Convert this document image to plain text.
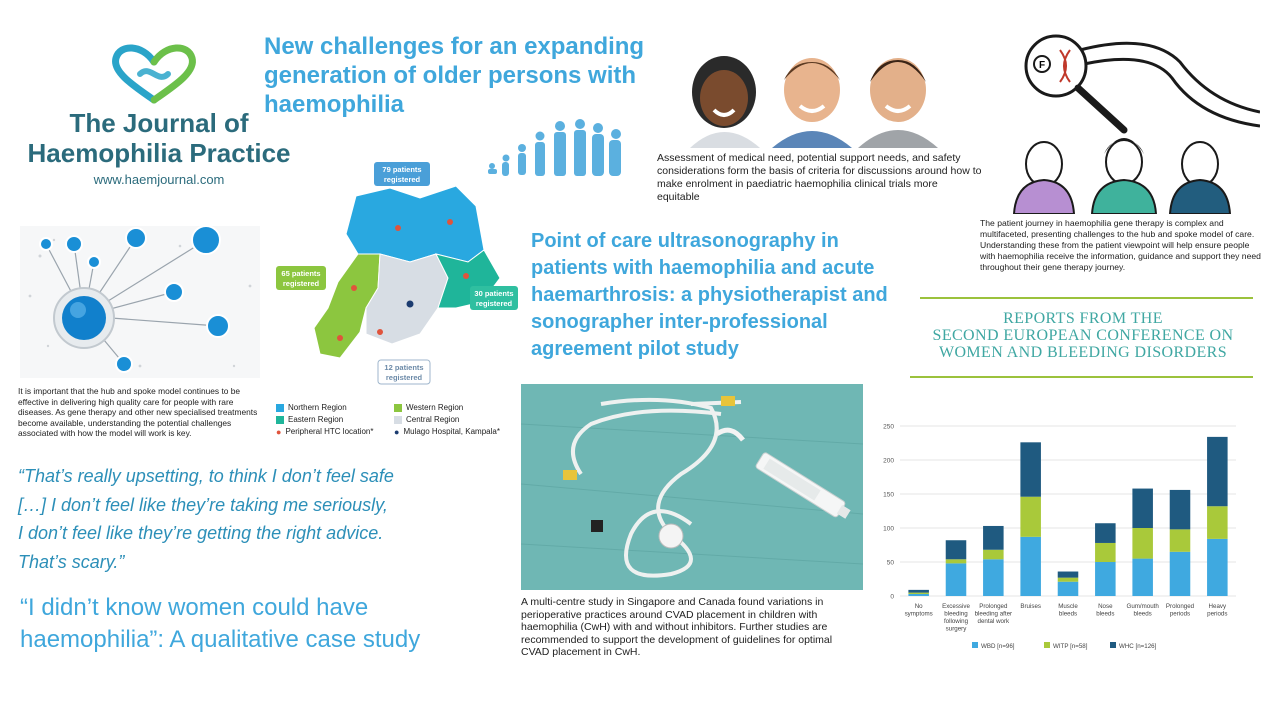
The Journal of
Haemophilia Practice
www.haemjournal.com
New challenges for an expanding generation of older persons with haemophilia
Assessment of medical need, potential support needs, and safety considerations form the basis of criteria for discussions around how to make enrolment in paediatric haemophilia clinical trials more equitable
F
The patient journey in haemophilia gene therapy is complex and multifaceted, presenting challenges to the hub and spoke model of care. Understanding these from the patient viewpoint will help ensure people with haemophilia receive the information, guidance and support they need throughout their gene therapy journey.
It is important that the hub and spoke model continues to be effective in delivering high quality care for people with rare diseases. As gene therapy and other new specialised treatments become available, understanding the potential challenges associated with how the model will work is key.
79 patients
registered
65 patients
registered
30 patients
registered
12 patients
registered
Northern Region	Western Region
Eastern Region	Central Region
● Peripheral HTC location* ● Mulago Hospital, Kampala*
Point of care ultrasonography in patients with haemophilia and acute haemarthrosis: a physiotherapist and sonographer inter-professional agreement pilot study
A multi-centre study in Singapore and Canada found variations in perioperative practices around CVAD placement in children with haemophilia (CwH) with and without inhibitors. Further studies are recommended to support the development of guidelines for optimal CVAD placement in CwH.
REPORTS FROM THE
SECOND EUROPEAN CONFERENCE ON
WOMEN AND BLEEDING DISORDERS
0
50
100
150
200
250
No
symptoms
Excessive
bleeding
following
surgery
Prolonged
bleeding after
dental work
Bruises	Muscle
bleeds
Nose
bleeds
Gum/mouth
bleeds
Prolonged
periods
Heavy
periods
WBD [n=96]	WITP [n=58]	WHC [n=126]
“That’s really upsetting, to think I don’t feel safe
[…] I don’t feel like they’re taking me seriously,
I don’t feel like they’re getting the right advice.
That’s scary.”
“I didn’t know women could have
haemophilia”: A qualitative case study
